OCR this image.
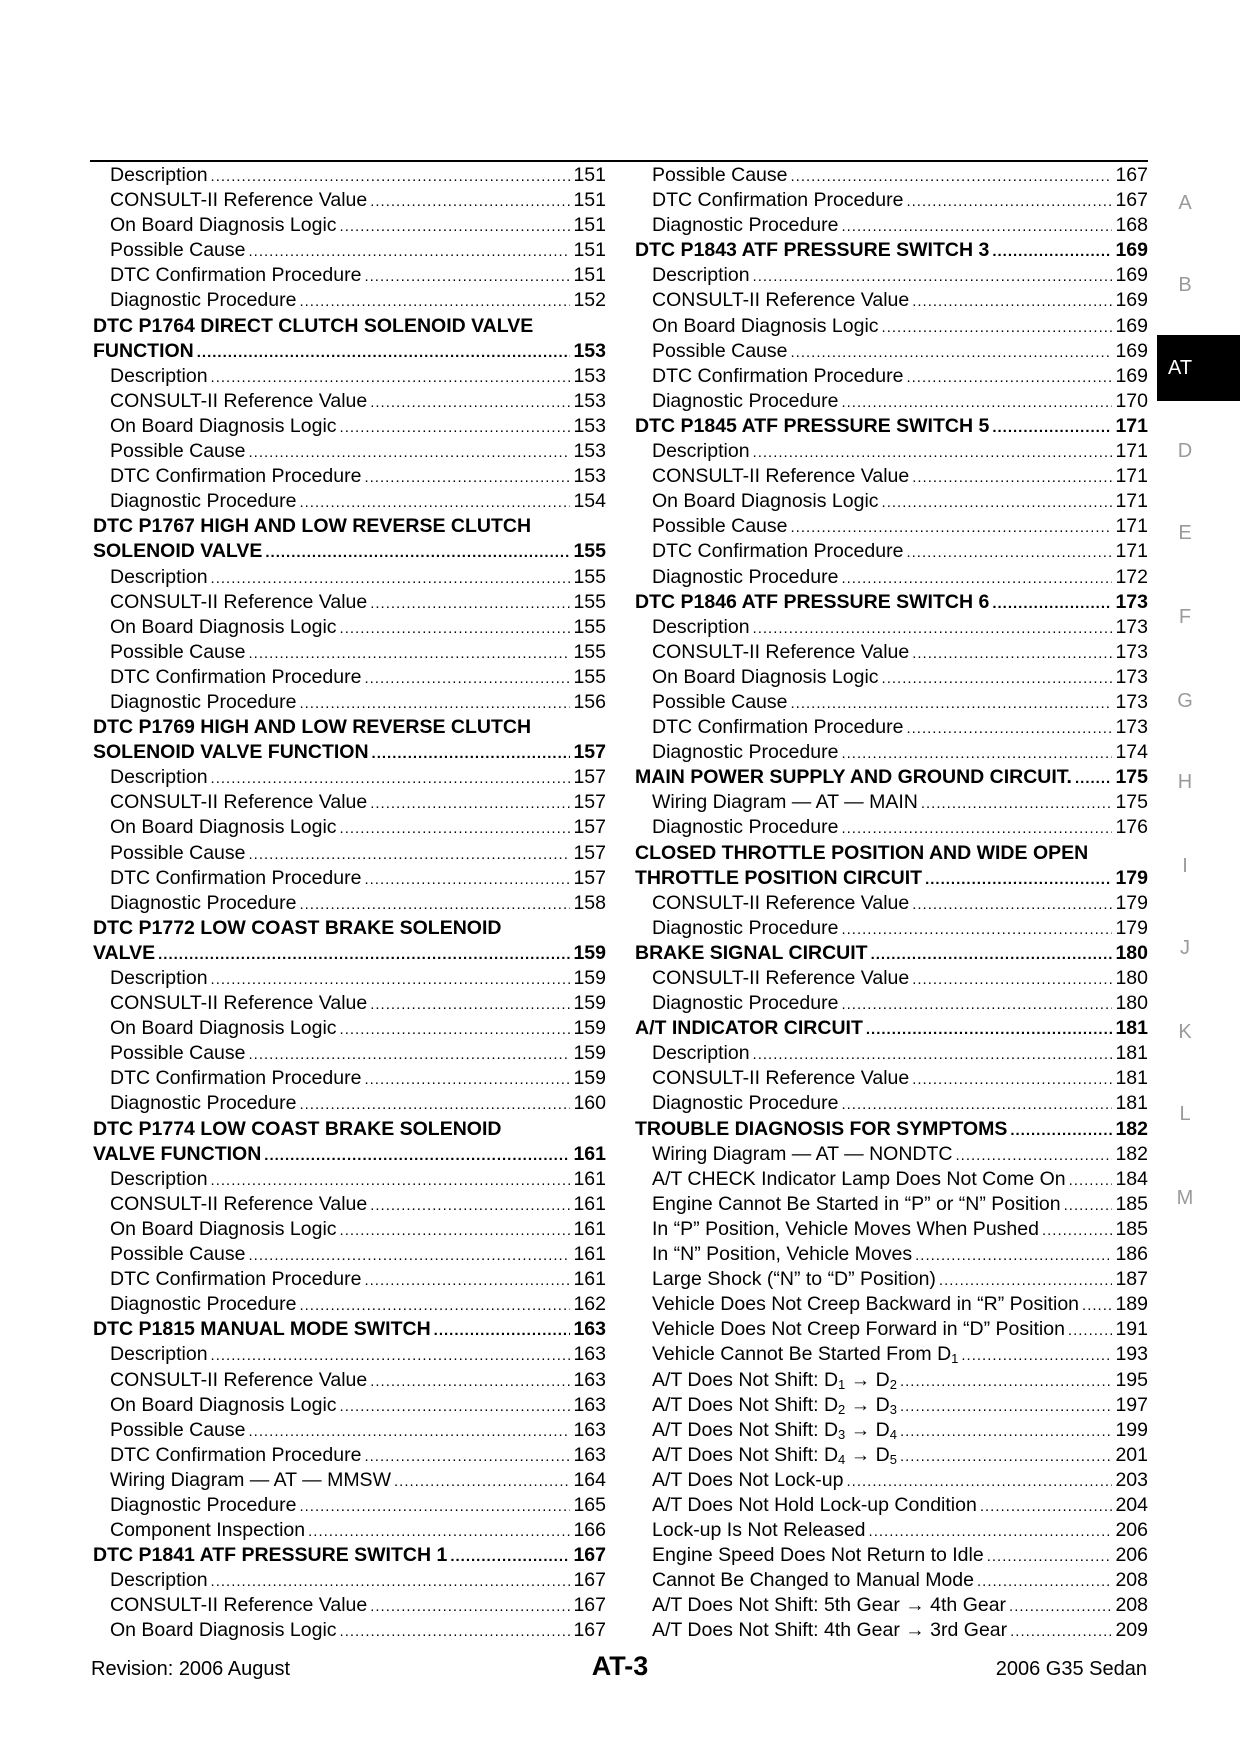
Description .....	151
CONSULT-II Reference Value .....	151
On Board Diagnosis Logic .....	151
Possible Cause .....	151
DTC Confirmation Procedure .....	151
Diagnostic Procedure .....	152
DTC P1764 DIRECT CLUTCH SOLENOID VALVE
FUNCTION .....	153
Description .....	153
CONSULT-II Reference Value .....	153
On Board Diagnosis Logic .....	153
Possible Cause .....	153
DTC Confirmation Procedure .....	153
Diagnostic Procedure .....	154
DTC P1767 HIGH AND LOW REVERSE CLUTCH
SOLENOID VALVE .....	155
Description .....	155
CONSULT-II Reference Value .....	155
On Board Diagnosis Logic .....	155
Possible Cause .....	155
DTC Confirmation Procedure .....	155
Diagnostic Procedure .....	156
DTC P1769 HIGH AND LOW REVERSE CLUTCH
SOLENOID VALVE FUNCTION .....	157
Description .....	157
CONSULT-II Reference Value .....	157
On Board Diagnosis Logic .....	157
Possible Cause .....	157
DTC Confirmation Procedure .....	157
Diagnostic Procedure .....	158
DTC P1772 LOW COAST BRAKE SOLENOID
VALVE .....	159
Description .....	159
CONSULT-II Reference Value .....	159
On Board Diagnosis Logic .....	159
Possible Cause .....	159
DTC Confirmation Procedure .....	159
Diagnostic Procedure .....	160
DTC P1774 LOW COAST BRAKE SOLENOID
VALVE FUNCTION .....	161
Description .....	161
CONSULT-II Reference Value .....	161
On Board Diagnosis Logic .....	161
Possible Cause .....	161
DTC Confirmation Procedure .....	161
Diagnostic Procedure .....	162
DTC P1815 MANUAL MODE SWITCH .....	163
Description .....	163
CONSULT-II Reference Value .....	163
On Board Diagnosis Logic .....	163
Possible Cause .....	163
DTC Confirmation Procedure .....	163
Wiring Diagram — AT — MMSW .....	164
Diagnostic Procedure .....	165
Component Inspection .....	166
DTC P1841 ATF PRESSURE SWITCH 1 .....	167
Description .....	167
CONSULT-II Reference Value .....	167
On Board Diagnosis Logic .....	167
Possible Cause .....	167
DTC Confirmation Procedure .....	167
Diagnostic Procedure .....	168
DTC P1843 ATF PRESSURE SWITCH 3 .....	169
Description .....	169
CONSULT-II Reference Value .....	169
On Board Diagnosis Logic .....	169
Possible Cause .....	169
DTC Confirmation Procedure .....	169
Diagnostic Procedure .....	170
DTC P1845 ATF PRESSURE SWITCH 5 .....	171
Description .....	171
CONSULT-II Reference Value .....	171
On Board Diagnosis Logic .....	171
Possible Cause .....	171
DTC Confirmation Procedure .....	171
Diagnostic Procedure .....	172
DTC P1846 ATF PRESSURE SWITCH 6 .....	173
Description .....	173
CONSULT-II Reference Value .....	173
On Board Diagnosis Logic .....	173
Possible Cause .....	173
DTC Confirmation Procedure .....	173
Diagnostic Procedure .....	174
MAIN POWER SUPPLY AND GROUND CIRCUIT. ..... 175
Wiring Diagram — AT — MAIN .....	175
Diagnostic Procedure .....	176
CLOSED THROTTLE POSITION AND WIDE OPEN
THROTTLE POSITION CIRCUIT .....	179
CONSULT-II Reference Value .....	179
Diagnostic Procedure .....	179
BRAKE SIGNAL CIRCUIT .....	180
CONSULT-II Reference Value .....	180
Diagnostic Procedure .....	180
A/T INDICATOR CIRCUIT .....	181
Description .....	181
CONSULT-II Reference Value .....	181
Diagnostic Procedure .....	181
TROUBLE DIAGNOSIS FOR SYMPTOMS .....	182
Wiring Diagram — AT — NONDTC .....	182
A/T CHECK Indicator Lamp Does Not Come On .....	184
Engine Cannot Be Started in “P” or “N” Position .....	185
In “P” Position, Vehicle Moves When Pushed .....	185
In “N” Position, Vehicle Moves .....	186
Large Shock (“N” to “D” Position) .....	187
Vehicle Does Not Creep Backward in “R” Position ..... 189
Vehicle Does Not Creep Forward in “D” Position .....	191
Vehicle Cannot Be Started From $D_1$ .....	193
A/T Does Not Shift: $D_1 \to D_2$ .....	195
A/T Does Not Shift: $D_2 \to D_3$ .....	197
A/T Does Not Shift: $D_3 \to D_4$ .....	199
A/T Does Not Shift: $D_4 \to D_5$ .....	201
A/T Does Not Lock-up .....	203
A/T Does Not Hold Lock-up Condition .....	204
Lock-up Is Not Released .....	206
Engine Speed Does Not Return to Idle .....	206
Cannot Be Changed to Manual Mode .....	208
A/T Does Not Shift: 5th Gear → 4th Gear .....	208
A/T Does Not Shift: 4th Gear → 3rd Gear .....	209
A
B
D
E
F
G
H
I
J
K
L
M
AT
Revision: 2006 August	AT-3	2006 G35 Sedan
